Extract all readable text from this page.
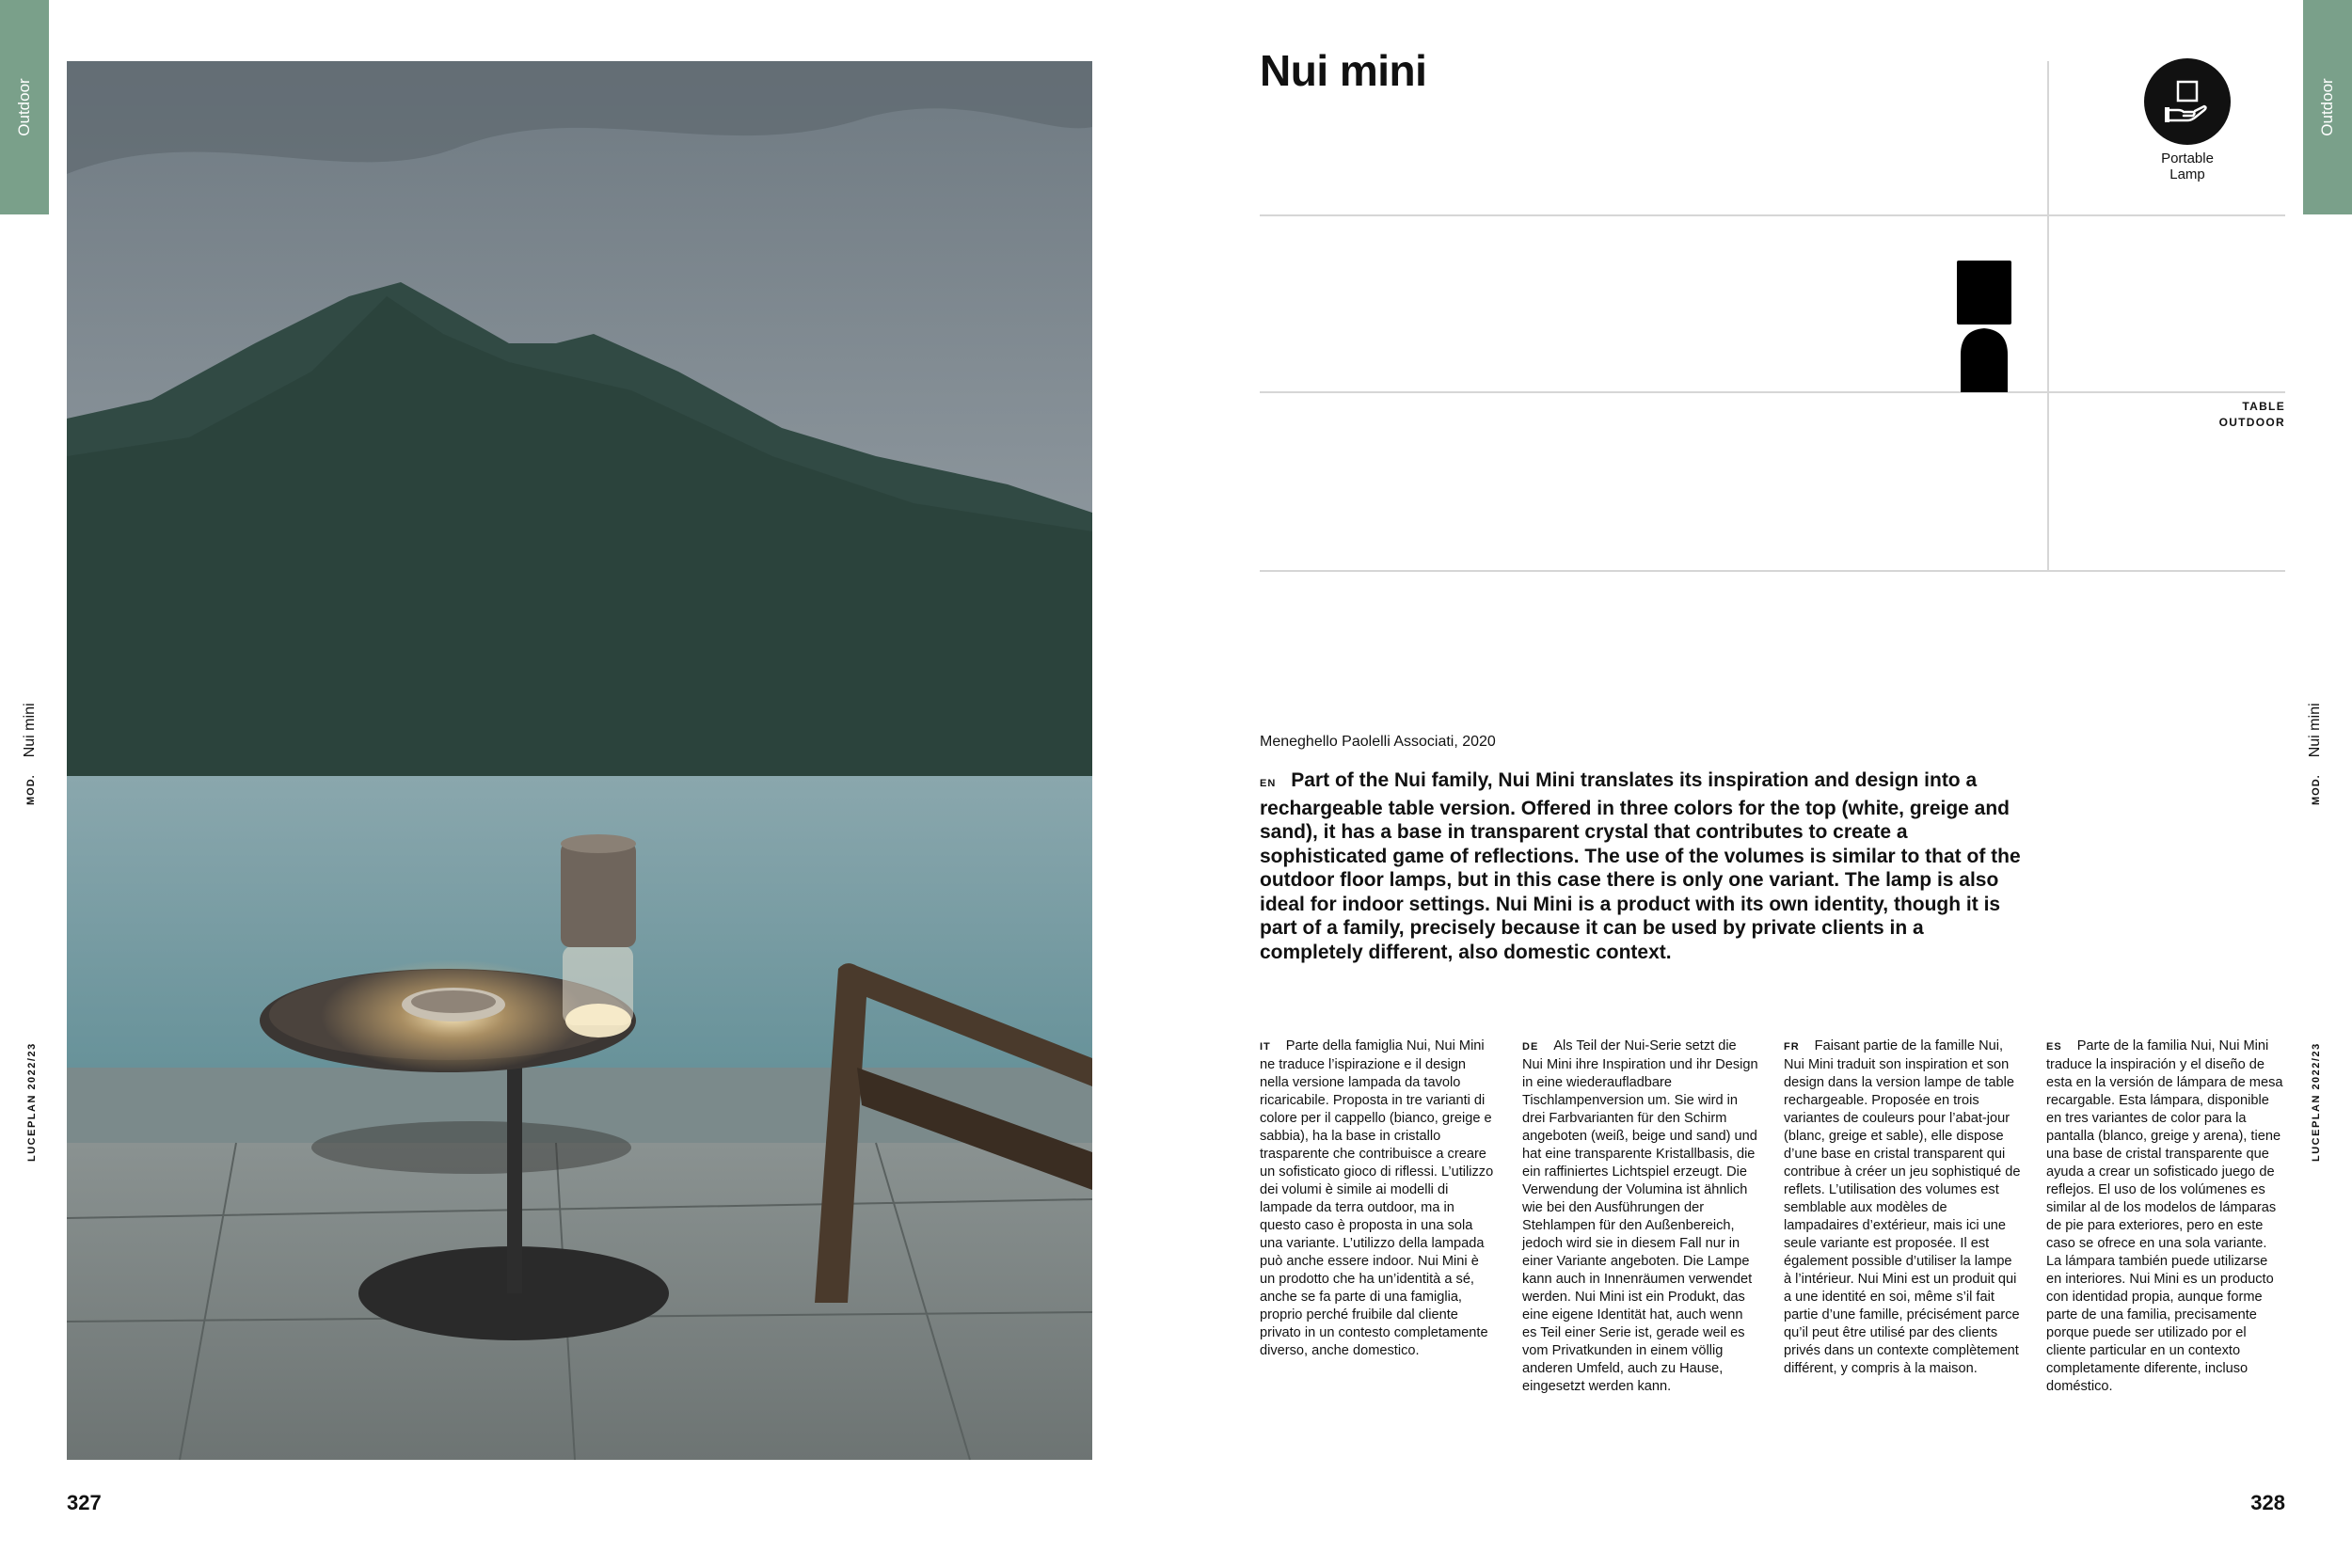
Outdoor
MOD.Nui mini
LUCEPLAN 2022/23
Nui mini
Portable
Lamp
TABLE
OUTDOOR
Meneghello Paolelli Associati, 2020
EN Part of the Nui family, Nui Mini translates its inspiration and design into a rechargeable table version. Offered in three colors for the top (white, greige and sand), it has a base in transparent crystal that contributes to create a sophisticated game of reflections. The use of the volumes is similar to that of the outdoor floor lamps, but in this case there is only one variant. The lamp is also ideal for indoor settings. Nui Mini is a product with its own identity, though it is part of a family, precisely because it can be used by private clients in a completely different, also domestic context.
IT Parte della famiglia Nui, Nui Mini ne traduce l’ispirazione e il design nella versione lampada da tavolo ricaricabile. Proposta in tre varianti di colore per il cappello (bianco, greige e sabbia), ha la base in cristallo trasparente che contribuisce a creare un sofisticato gioco di riflessi. L’utilizzo dei volumi è simile ai modelli di lampade da terra outdoor, ma in questo caso è proposta in una sola una variante. L’utilizzo della lampada può anche essere indoor. Nui Mini è un prodotto che ha un’identità a sé, anche se fa parte di una famiglia, proprio perché fruibile dal cliente privato in un contesto completamente diverso, anche domestico.
DE Als Teil der Nui-Serie setzt die Nui Mini ihre Inspiration und ihr Design in eine wiederaufladbare Tischlampenversion um. Sie wird in drei Farbvarianten für den Schirm angeboten (weiß, beige und sand) und hat eine transparente Kristallbasis, die ein raffiniertes Lichtspiel erzeugt. Die Verwendung der Volumina ist ähnlich wie bei den Ausführungen der Stehlampen für den Außenbereich, jedoch wird sie in diesem Fall nur in einer Variante angeboten. Die Lampe kann auch in Innenräumen verwendet werden. Nui Mini ist ein Produkt, das eine eigene Identität hat, auch wenn es Teil einer Serie ist, gerade weil es vom Privatkunden in einem völlig anderen Umfeld, auch zu Hause, eingesetzt werden kann.
FR Faisant partie de la famille Nui, Nui Mini traduit son inspiration et son design dans la version lampe de table rechargeable. Proposée en trois variantes de couleurs pour l’abat-jour (blanc, greige et sable), elle dispose d’une base en cristal transparent qui contribue à créer un jeu sophistiqué de reflets. L’utilisation des volumes est semblable aux modèles de lampadaires d’extérieur, mais ici une seule variante est proposée. Il est également possible d’utiliser la lampe à l’intérieur. Nui Mini est un produit qui a une identité en soi, même s’il fait partie d’une famille, précisément parce qu’il peut être utilisé par des clients privés dans un contexte complètement différent, y compris à la maison.
ES Parte de la familia Nui, Nui Mini traduce la inspiración y el diseño de esta en la versión de lámpara de mesa recargable. Esta lámpara, disponible en tres variantes de color para la pantalla (blanco, greige y arena), tiene una base de cristal transparente que ayuda a crear un sofisticado juego de reflejos. El uso de los volúmenes es similar al de los modelos de lámparas de pie para exteriores, pero en este caso se ofrece en una sola variante. La lámpara también puede utilizarse en interiores. Nui Mini es un producto con identidad propia, aunque forme parte de una familia, precisamente porque puede ser utilizado por el cliente particular en un contexto completamente diferente, incluso doméstico.
Outdoor
MOD.Nui mini
LUCEPLAN 2022/23
327	328
